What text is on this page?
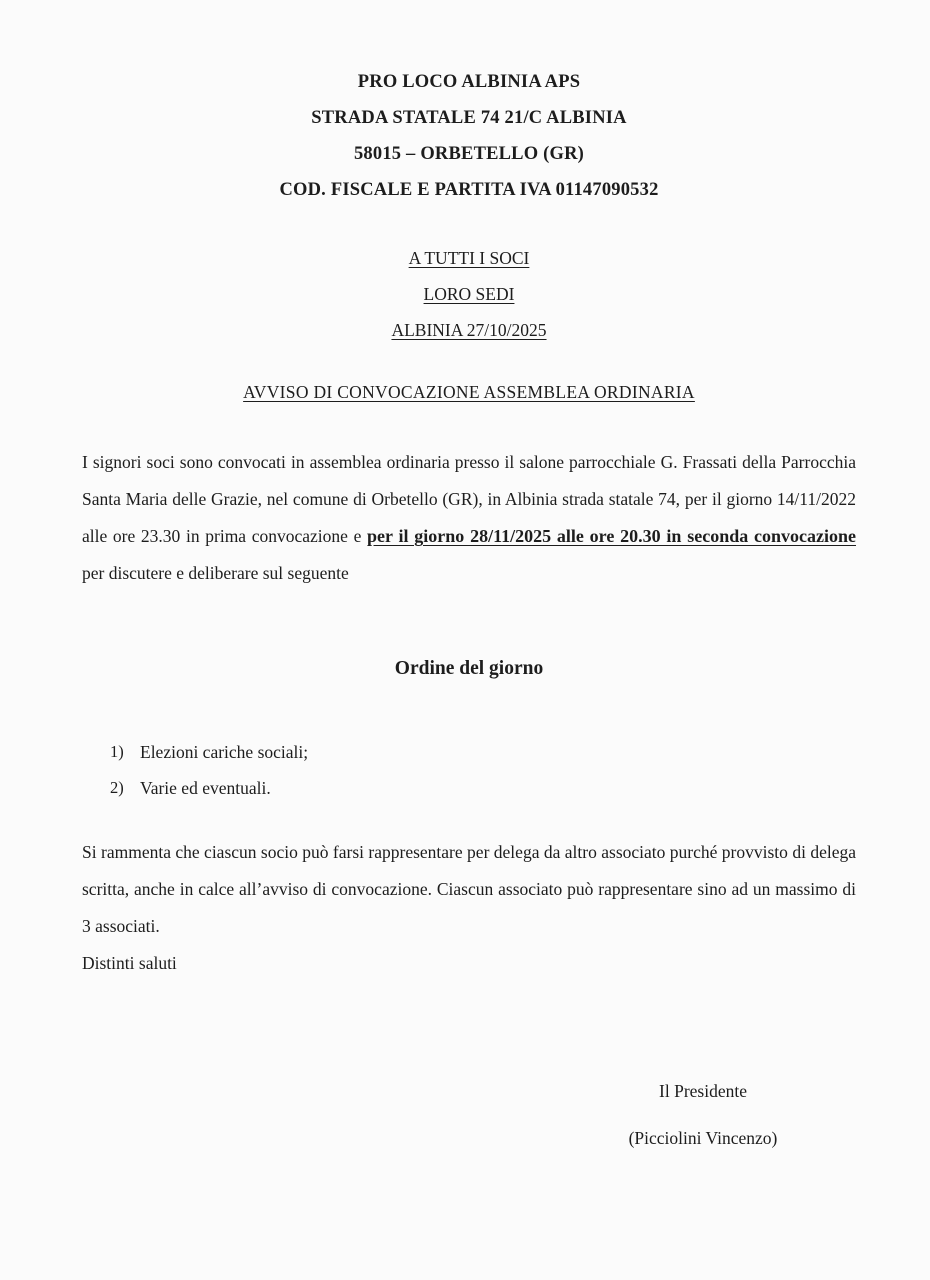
PRO LOCO ALBINIA APS
STRADA STATALE 74 21/C ALBINIA
58015 – ORBETELLO (GR)
COD. FISCALE E PARTITA IVA 01147090532
A TUTTI I SOCI
LORO SEDI
ALBINIA 27/10/2025
AVVISO DI CONVOCAZIONE ASSEMBLEA ORDINARIA

I signori soci sono convocati in assemblea ordinaria presso il salone parrocchiale G. Frassati della Parrocchia Santa Maria delle Grazie, nel comune di Orbetello (GR), in Albinia strada statale 74, per il giorno 14/11/2022 alle ore 23.30 in prima convocazione e per il giorno 28/11/2025 alle ore 20.30 in seconda convocazione per discutere e deliberare sul seguente

Ordine del giorno
1) Elezioni cariche sociali;
2) Varie ed eventuali.

Si rammenta che ciascun socio può farsi rappresentare per delega da altro associato purché provvisto di delega scritta, anche in calce all’avviso di convocazione. Ciascun associato può rappresentare sino ad un massimo di 3 associati.

Distinti saluti
Il Presidente
(Picciolini Vincenzo)
